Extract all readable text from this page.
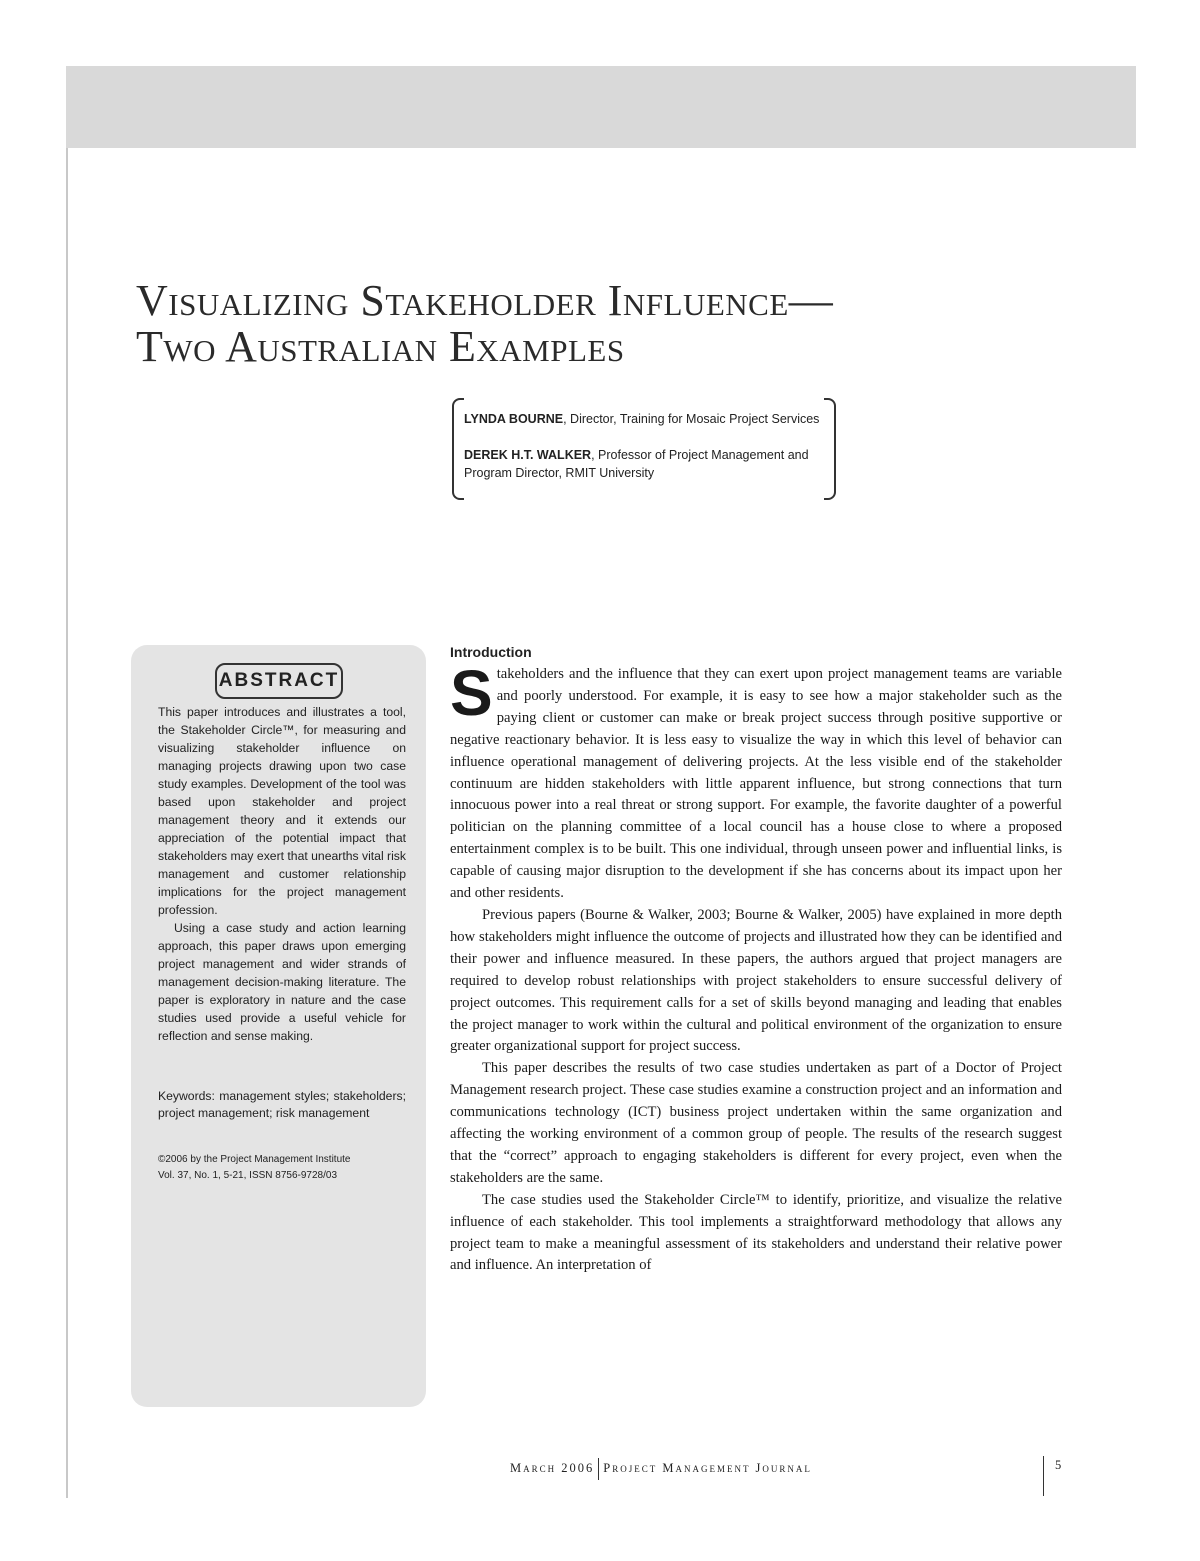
Visualizing Stakeholder Influence—
Two Australian Examples
LYNDA BOURNE, Director, Training for Mosaic Project Services
DEREK H.T. WALKER, Professor of Project Management and Program Director, RMIT University
ABSTRACT

This paper introduces and illustrates a tool, the Stakeholder Circle™, for measuring and visualizing stakeholder influence on managing projects drawing upon two case study examples. Development of the tool was based upon stakeholder and project management theory and it extends our appreciation of the potential impact that stakeholders may exert that unearths vital risk management and customer relationship implications for the project management profession.

Using a case study and action learning approach, this paper draws upon emerging project management and wider strands of management decision-making literature. The paper is exploratory in nature and the case studies used provide a useful vehicle for reflection and sense making.

Keywords: management styles; stakeholders; project management; risk management
©2006 by the Project Management Institute
Vol. 37, No. 1, 5-21, ISSN 8756-9728/03
Introduction

Stakeholders and the influence that they can exert upon project management teams are variable and poorly understood. For example, it is easy to see how a major stakeholder such as the paying client or customer can make or break project success through positive supportive or negative reactionary behavior. It is less easy to visualize the way in which this level of behavior can influence operational management of delivering projects. At the less visible end of the stakeholder continuum are hidden stakeholders with little apparent influence, but strong connections that turn innocuous power into a real threat or strong support. For example, the favorite daughter of a powerful politician on the planning committee of a local council has a house close to where a proposed entertainment complex is to be built. This one individual, through unseen power and influential links, is capable of causing major disruption to the development if she has concerns about its impact upon her and other residents.

Previous papers (Bourne & Walker, 2003; Bourne & Walker, 2005) have explained in more depth how stakeholders might influence the outcome of projects and illustrated how they can be identified and their power and influence measured. In these papers, the authors argued that project managers are required to develop robust relationships with project stakeholders to ensure successful delivery of project outcomes. This requirement calls for a set of skills beyond managing and leading that enables the project manager to work within the cultural and political environment of the organization to ensure greater organizational support for project success.

This paper describes the results of two case studies undertaken as part of a Doctor of Project Management research project. These case studies examine a construction project and an information and communications technology (ICT) business project undertaken within the same organization and affecting the working environment of a common group of people. The results of the research suggest that the “correct” approach to engaging stakeholders is different for every project, even when the stakeholders are the same.

The case studies used the Stakeholder Circle™ to identify, prioritize, and visualize the relative influence of each stakeholder. This tool implements a straightforward methodology that allows any project team to make a meaningful assessment of its stakeholders and understand their relative power and influence. An interpretation of

March 2006 Project Management Journal	5
